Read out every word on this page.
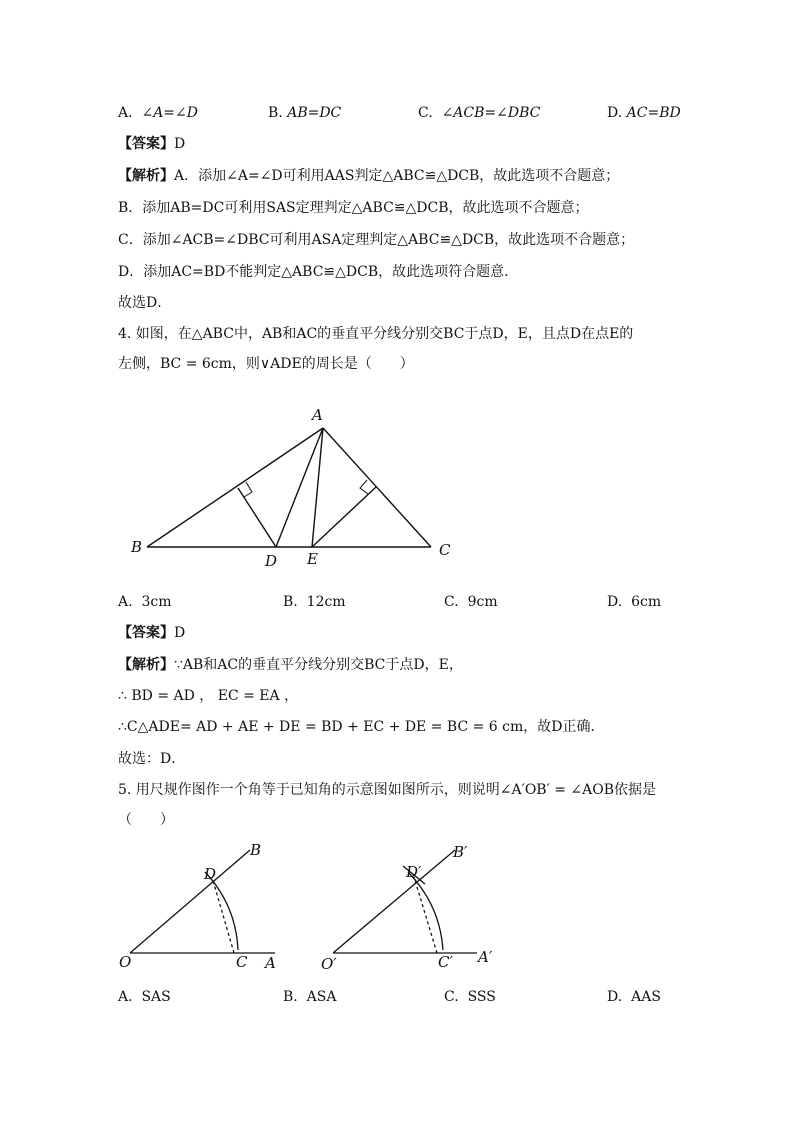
A. ∠A=∠D	B. AB=DC	C. ∠ACB=∠DBC	D. AC=BD
【答案】D
【解析】A．添加∠A=∠D可利用AAS判定△ABC≌△DCB，故此选项不合题意；
B．添加AB=DC可利用SAS定理判定△ABC≌△DCB，故此选项不合题意；
C．添加∠ACB=∠DBC可利用ASA定理判定△ABC≌△DCB，故此选项不合题意；
D．添加AC=BD不能判定△ABC≌△DCB，故此选项符合题意．
故选D．
4. 如图，在△ABC中，AB和AC的垂直平分线分别交BC于点D，E，且点D在点E的
左侧，BC = 6cm，则∨ADE的周长是（　　）
A
B	C
D E
A. 3cm	B. 12cm	C. 9cm	D. 6cm
【答案】D
【解析】∵AB和AC的垂直平分线分别交BC于点D，E，
∴ BD = AD ， EC = EA ，
∴C△ADE= AD + AE + DE = BD + EC + DE = BC = 6 cm，故D正确．
故选：D．
5. 用尺规作图作一个角等于已知角的示意图如图所示，则说明∠A′OB′ = ∠AOB依据是
（　　）
O	C A
D
B
O′	C′ A′
D′
B′
A. SAS	B. ASA	C. SSS	D. AAS
